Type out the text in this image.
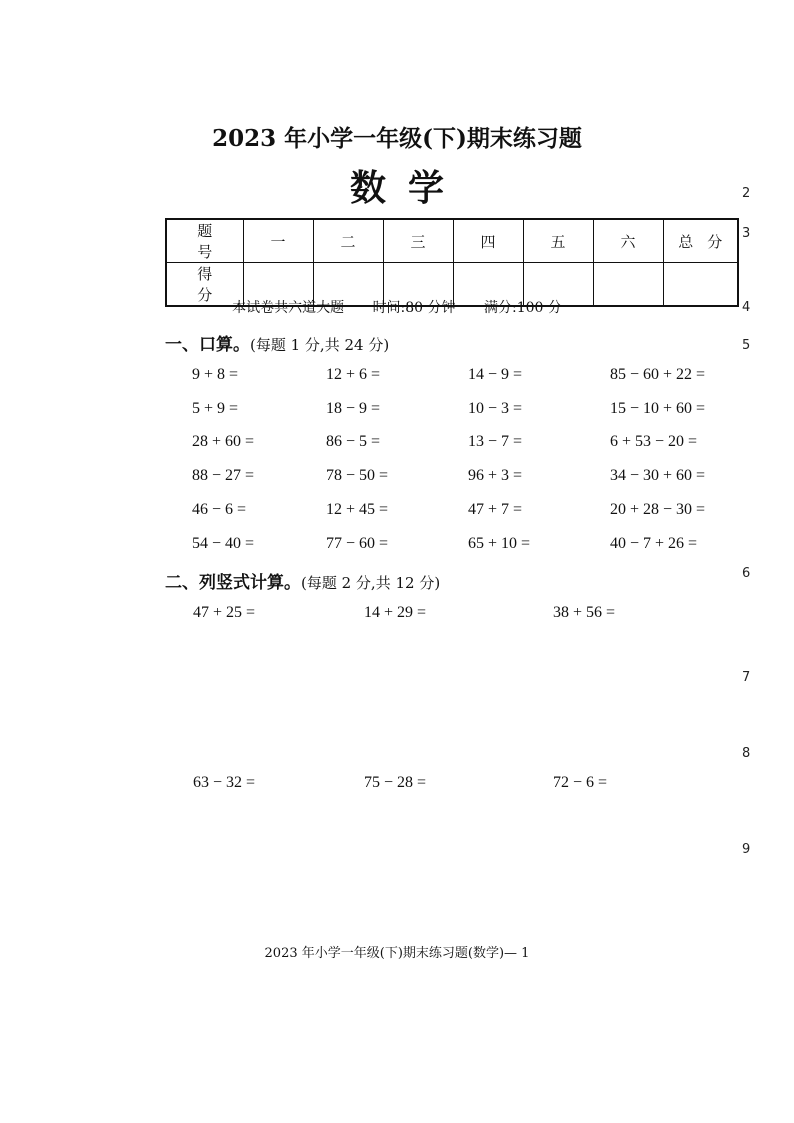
2023 年小学一年级(下)期末练习题
数学
题号	一	二	三	四	五	六	总分
得分							
本试卷共六道大题 时间:80 分钟 满分:100 分
一、口算。(每题 1 分,共 24 分)
9 + 8 =	12 + 6 =	14 − 9 =	85 − 60 + 22 =
5 + 9 =	18 − 9 =	10 − 3 =	15 − 10 + 60 =
28 + 60 =	86 − 5 =	13 − 7 =	6 + 53 − 20 =
88 − 27 =	78 − 50 =	96 + 3 =	34 − 30 + 60 =
46 − 6 =	12 + 45 =	47 + 7 =	20 + 28 − 30 =
54 − 40 =	77 − 60 =	65 + 10 =	40 − 7 + 26 =
二、列竖式计算。(每题 2 分,共 12 分)
47 + 25 =	14 + 29 =	38 + 56 =
63 − 32 =	75 − 28 =	72 − 6 =
2023 年小学一年级(下)期末练习题(数学)— 1
2
3
4
5
6
7
8
9
